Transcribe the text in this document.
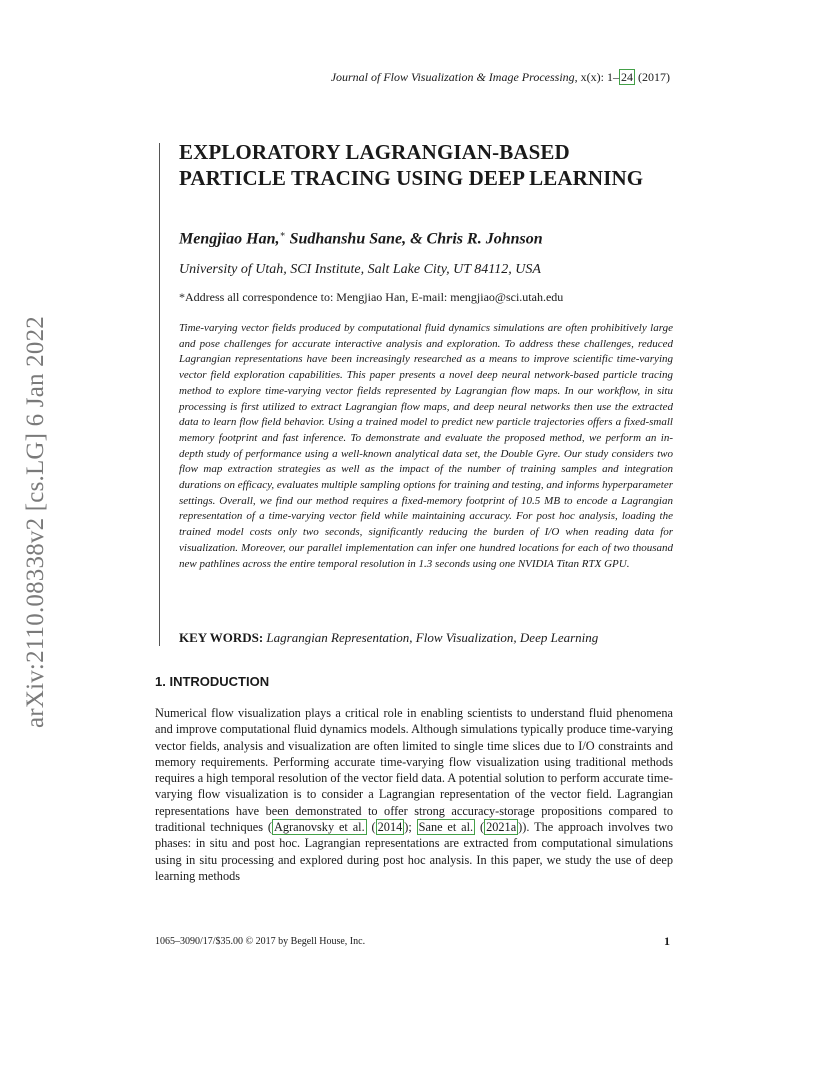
arXiv:2110.08338v2 [cs.LG] 6 Jan 2022
Journal of Flow Visualization & Image Processing, x(x): 1– 24 (2017)
EXPLORATORY LAGRANGIAN-BASED PARTICLE TRACING USING DEEP LEARNING
Mengjiao Han,∗ Sudhanshu Sane, & Chris R. Johnson
University of Utah, SCI Institute, Salt Lake City, UT 84112, USA
*Address all correspondence to: Mengjiao Han, E-mail: mengjiao@sci.utah.edu

Time-varying vector fields produced by computational fluid dynamics simulations are often prohibitively large and pose challenges for accurate interactive analysis and exploration. To address these challenges, reduced Lagrangian representations have been increasingly researched as a means to improve scientific time-varying vector field exploration capabilities. This paper presents a novel deep neural network-based particle tracing method to explore time-varying vector fields represented by Lagrangian flow maps. In our workflow, in situ processing is first utilized to extract Lagrangian flow maps, and deep neural networks then use the extracted data to learn flow field behavior. Using a trained model to predict new particle trajectories offers a fixed-small memory footprint and fast inference. To demonstrate and evaluate the proposed method, we perform an in-depth study of performance using a well-known analytical data set, the Double Gyre. Our study considers two flow map extraction strategies as well as the impact of the number of training samples and integration durations on efficacy, evaluates multiple sampling options for training and testing, and informs hyperparameter settings. Overall, we find our method requires a fixed-memory footprint of 10.5 MB to encode a Lagrangian representation of a time-varying vector field while maintaining accuracy. For post hoc analysis, loading the trained model costs only two seconds, significantly reducing the burden of I/O when reading data for visualization. Moreover, our parallel implementation can infer one hundred locations for each of two thousand new pathlines across the entire temporal resolution in 1.3 seconds using one NVIDIA Titan RTX GPU.

KEY WORDS: Lagrangian Representation, Flow Visualization, Deep Learning
1. INTRODUCTION

Numerical flow visualization plays a critical role in enabling scientists to understand fluid phenomena and improve computational fluid dynamics models. Although simulations typically produce time-varying vector fields, analysis and visualization are often limited to single time slices due to I/O constraints and memory requirements. Performing accurate time-varying flow visualization using traditional methods requires a high temporal resolution of the vector field data. A potential solution to perform accurate time-varying flow visualization is to consider a Lagrangian representation of the vector field. Lagrangian representations have been demonstrated to offer strong accuracy-storage propositions compared to traditional techniques ( Agranovsky et al. ( 2014 ); Sane et al. ( 2021a )). The approach involves two phases: in situ and post hoc. Lagrangian representations are extracted from computational simulations using in situ processing and explored during post hoc analysis. In this paper, we study the use of deep learning methods

1065–3090/17/$35.00 © 2017 by Begell House, Inc.	1
